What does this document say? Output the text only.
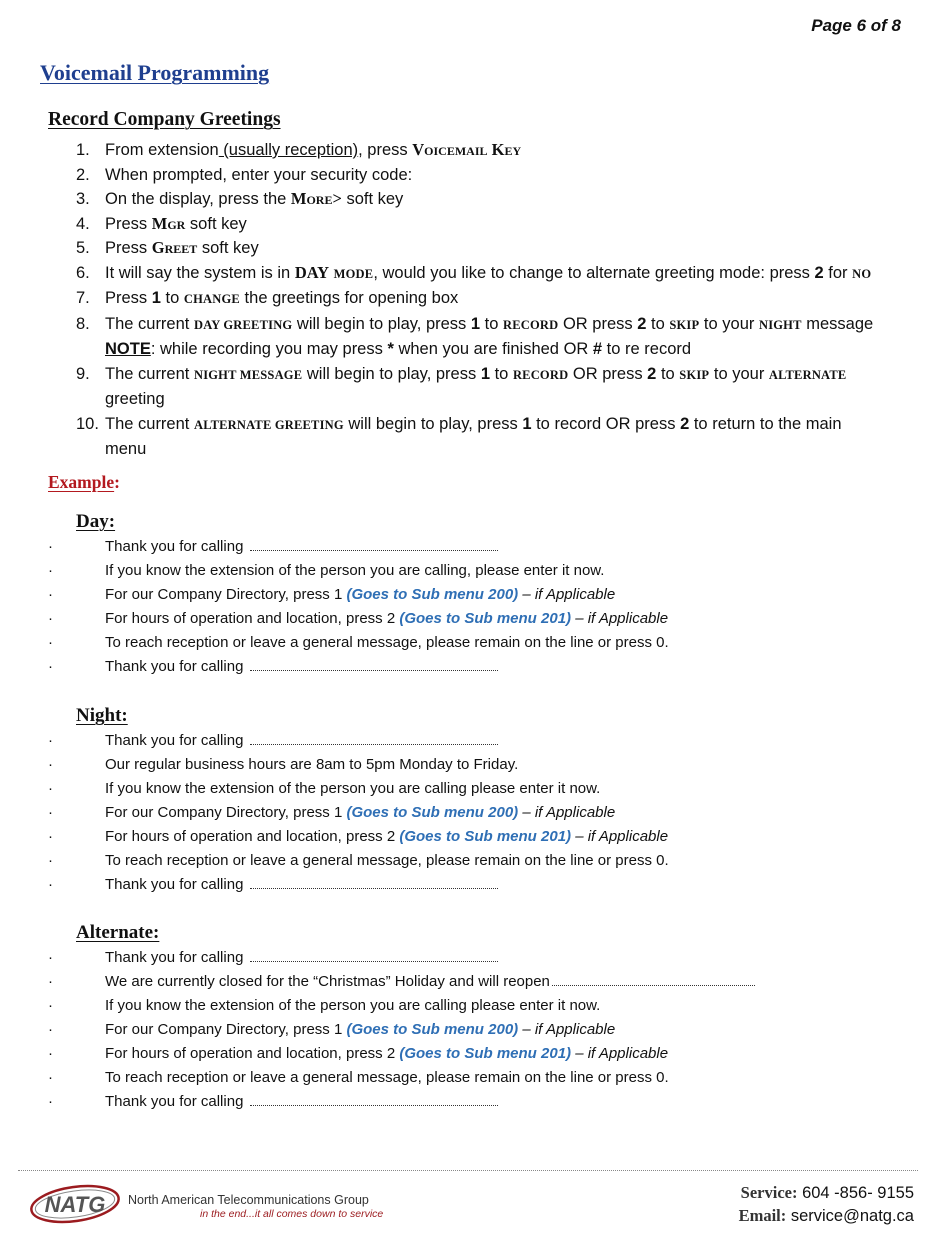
Page 6 of 8
Voicemail Programming
Record Company Greetings
1. From extension (usually reception), press Voicemail Key
2. When prompted, enter your security code:
3. On the display, press the More> soft key
4. Press Mgr soft key
5. Press Greet soft key
6. It will say the system is in DAY MODE, would you like to change to alternate greeting mode: press 2 for NO
7. Press 1 to CHANGE the greetings for opening box
8. The current DAY GREETING will begin to play, press 1 to RECORD OR press 2 to SKIP to your NIGHT message
NOTE: while recording you may press * when you are finished OR # to re record
9. The current NIGHT MESSAGE will begin to play, press 1 to RECORD OR press 2 to SKIP to your ALTERNATE
greeting
10. The current ALTERNATE GREETING will begin to play, press 1 to record OR press 2 to return to the main
menu
Example:
Day:
·	Thank you for calling
·	If you know the extension of the person you are calling, please enter it now.
·	For our Company Directory, press 1 (Goes to Sub menu 200) – if Applicable
·	For hours of operation and location, press 2 (Goes to Sub menu 201) – if Applicable
·	To reach reception or leave a general message, please remain on the line or press 0.
·	Thank you for calling
Night:
·	Thank you for calling
·	Our regular business hours are 8am to 5pm Monday to Friday.
·	If you know the extension of the person you are calling please enter it now.
·	For our Company Directory, press 1 (Goes to Sub menu 200) – if Applicable
·	For hours of operation and location, press 2 (Goes to Sub menu 201) – if Applicable
·	To reach reception or leave a general message, please remain on the line or press 0.
·	Thank you for calling
Alternate:
·	Thank you for calling
·	We are currently closed for the “Christmas” Holiday and will reopen
·	If you know the extension of the person you are calling please enter it now.
·	For our Company Directory, press 1 (Goes to Sub menu 200) – if Applicable
·	For hours of operation and location, press 2 (Goes to Sub menu 201) – if Applicable
·	To reach reception or leave a general message, please remain on the line or press 0.
·	Thank you for calling
NATG North American Telecommunications Group
in the end...it all comes down to service
Service: 604 -856- 9155
Email: service@natg.ca
